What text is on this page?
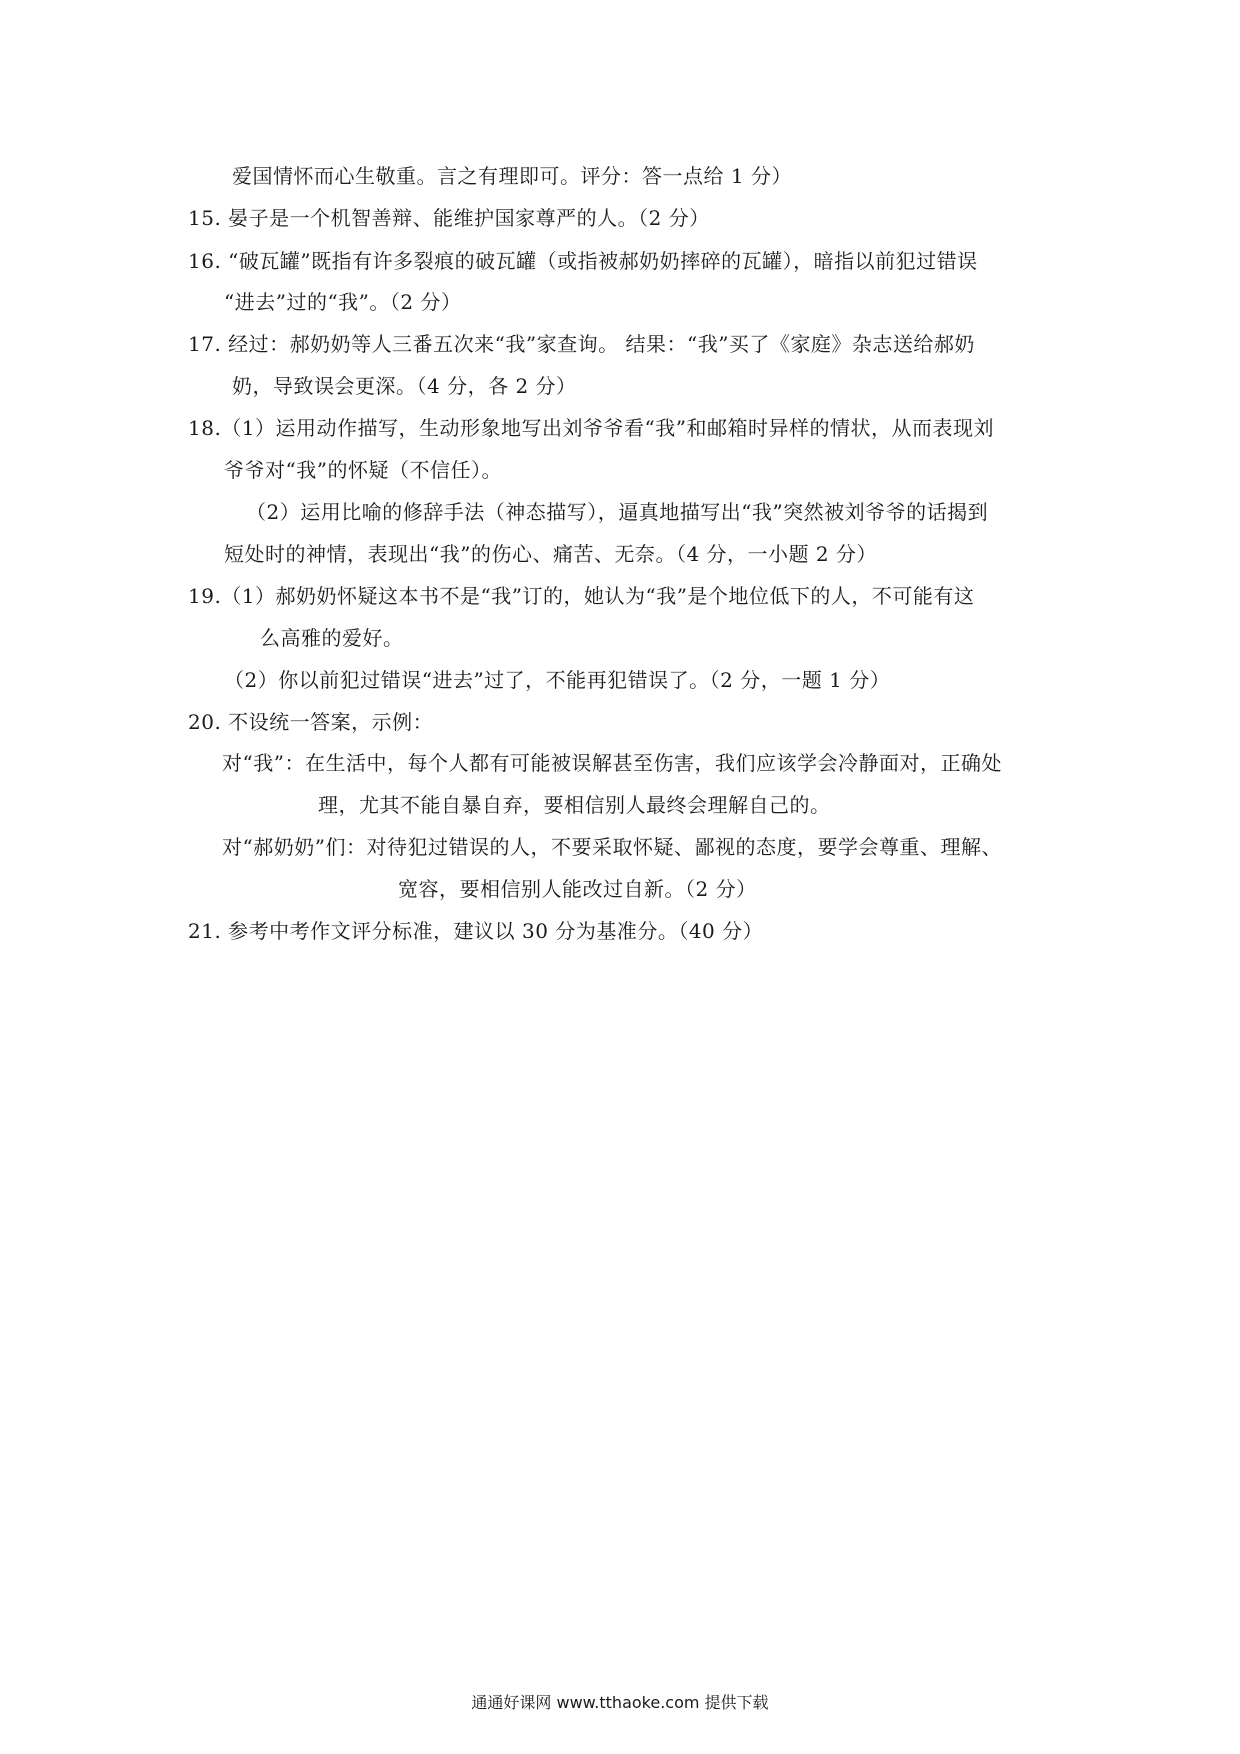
爱国情怀而心生敬重。言之有理即可。评分：答一点给 1 分）
15. 晏子是一个机智善辩、能维护国家尊严的人。（2 分）
16. “破瓦罐”既指有许多裂痕的破瓦罐（或指被郝奶奶摔碎的瓦罐），暗指以前犯过错误
“进去”过的“我”。（2 分）
17. 经过：郝奶奶等人三番五次来“我”家查询。 结果：“我”买了《家庭》杂志送给郝奶
奶，导致误会更深。（4 分，各 2 分）
18.（1）运用动作描写，生动形象地写出刘爷爷看“我”和邮箱时异样的情状，从而表现刘
爷爷对“我”的怀疑（不信任）。
（2）运用比喻的修辞手法（神态描写），逼真地描写出“我”突然被刘爷爷的话揭到
短处时的神情，表现出“我”的伤心、痛苦、无奈。（4 分，一小题 2 分）
19.（1）郝奶奶怀疑这本书不是“我”订的，她认为“我”是个地位低下的人，不可能有这
么高雅的爱好。
（2）你以前犯过错误“进去”过了，不能再犯错误了。（2 分，一题 1 分）
20. 不设统一答案，示例：
对“我”：在生活中，每个人都有可能被误解甚至伤害，我们应该学会冷静面对，正确处
理，尤其不能自暴自弃，要相信别人最终会理解自己的。
对“郝奶奶”们：对待犯过错误的人，不要采取怀疑、鄙视的态度，要学会尊重、理解、
宽容，要相信别人能改过自新。（2 分）
21. 参考中考作文评分标准，建议以 30 分为基准分。（40 分）
通通好课网 www.tthaoke.com 提供下载
